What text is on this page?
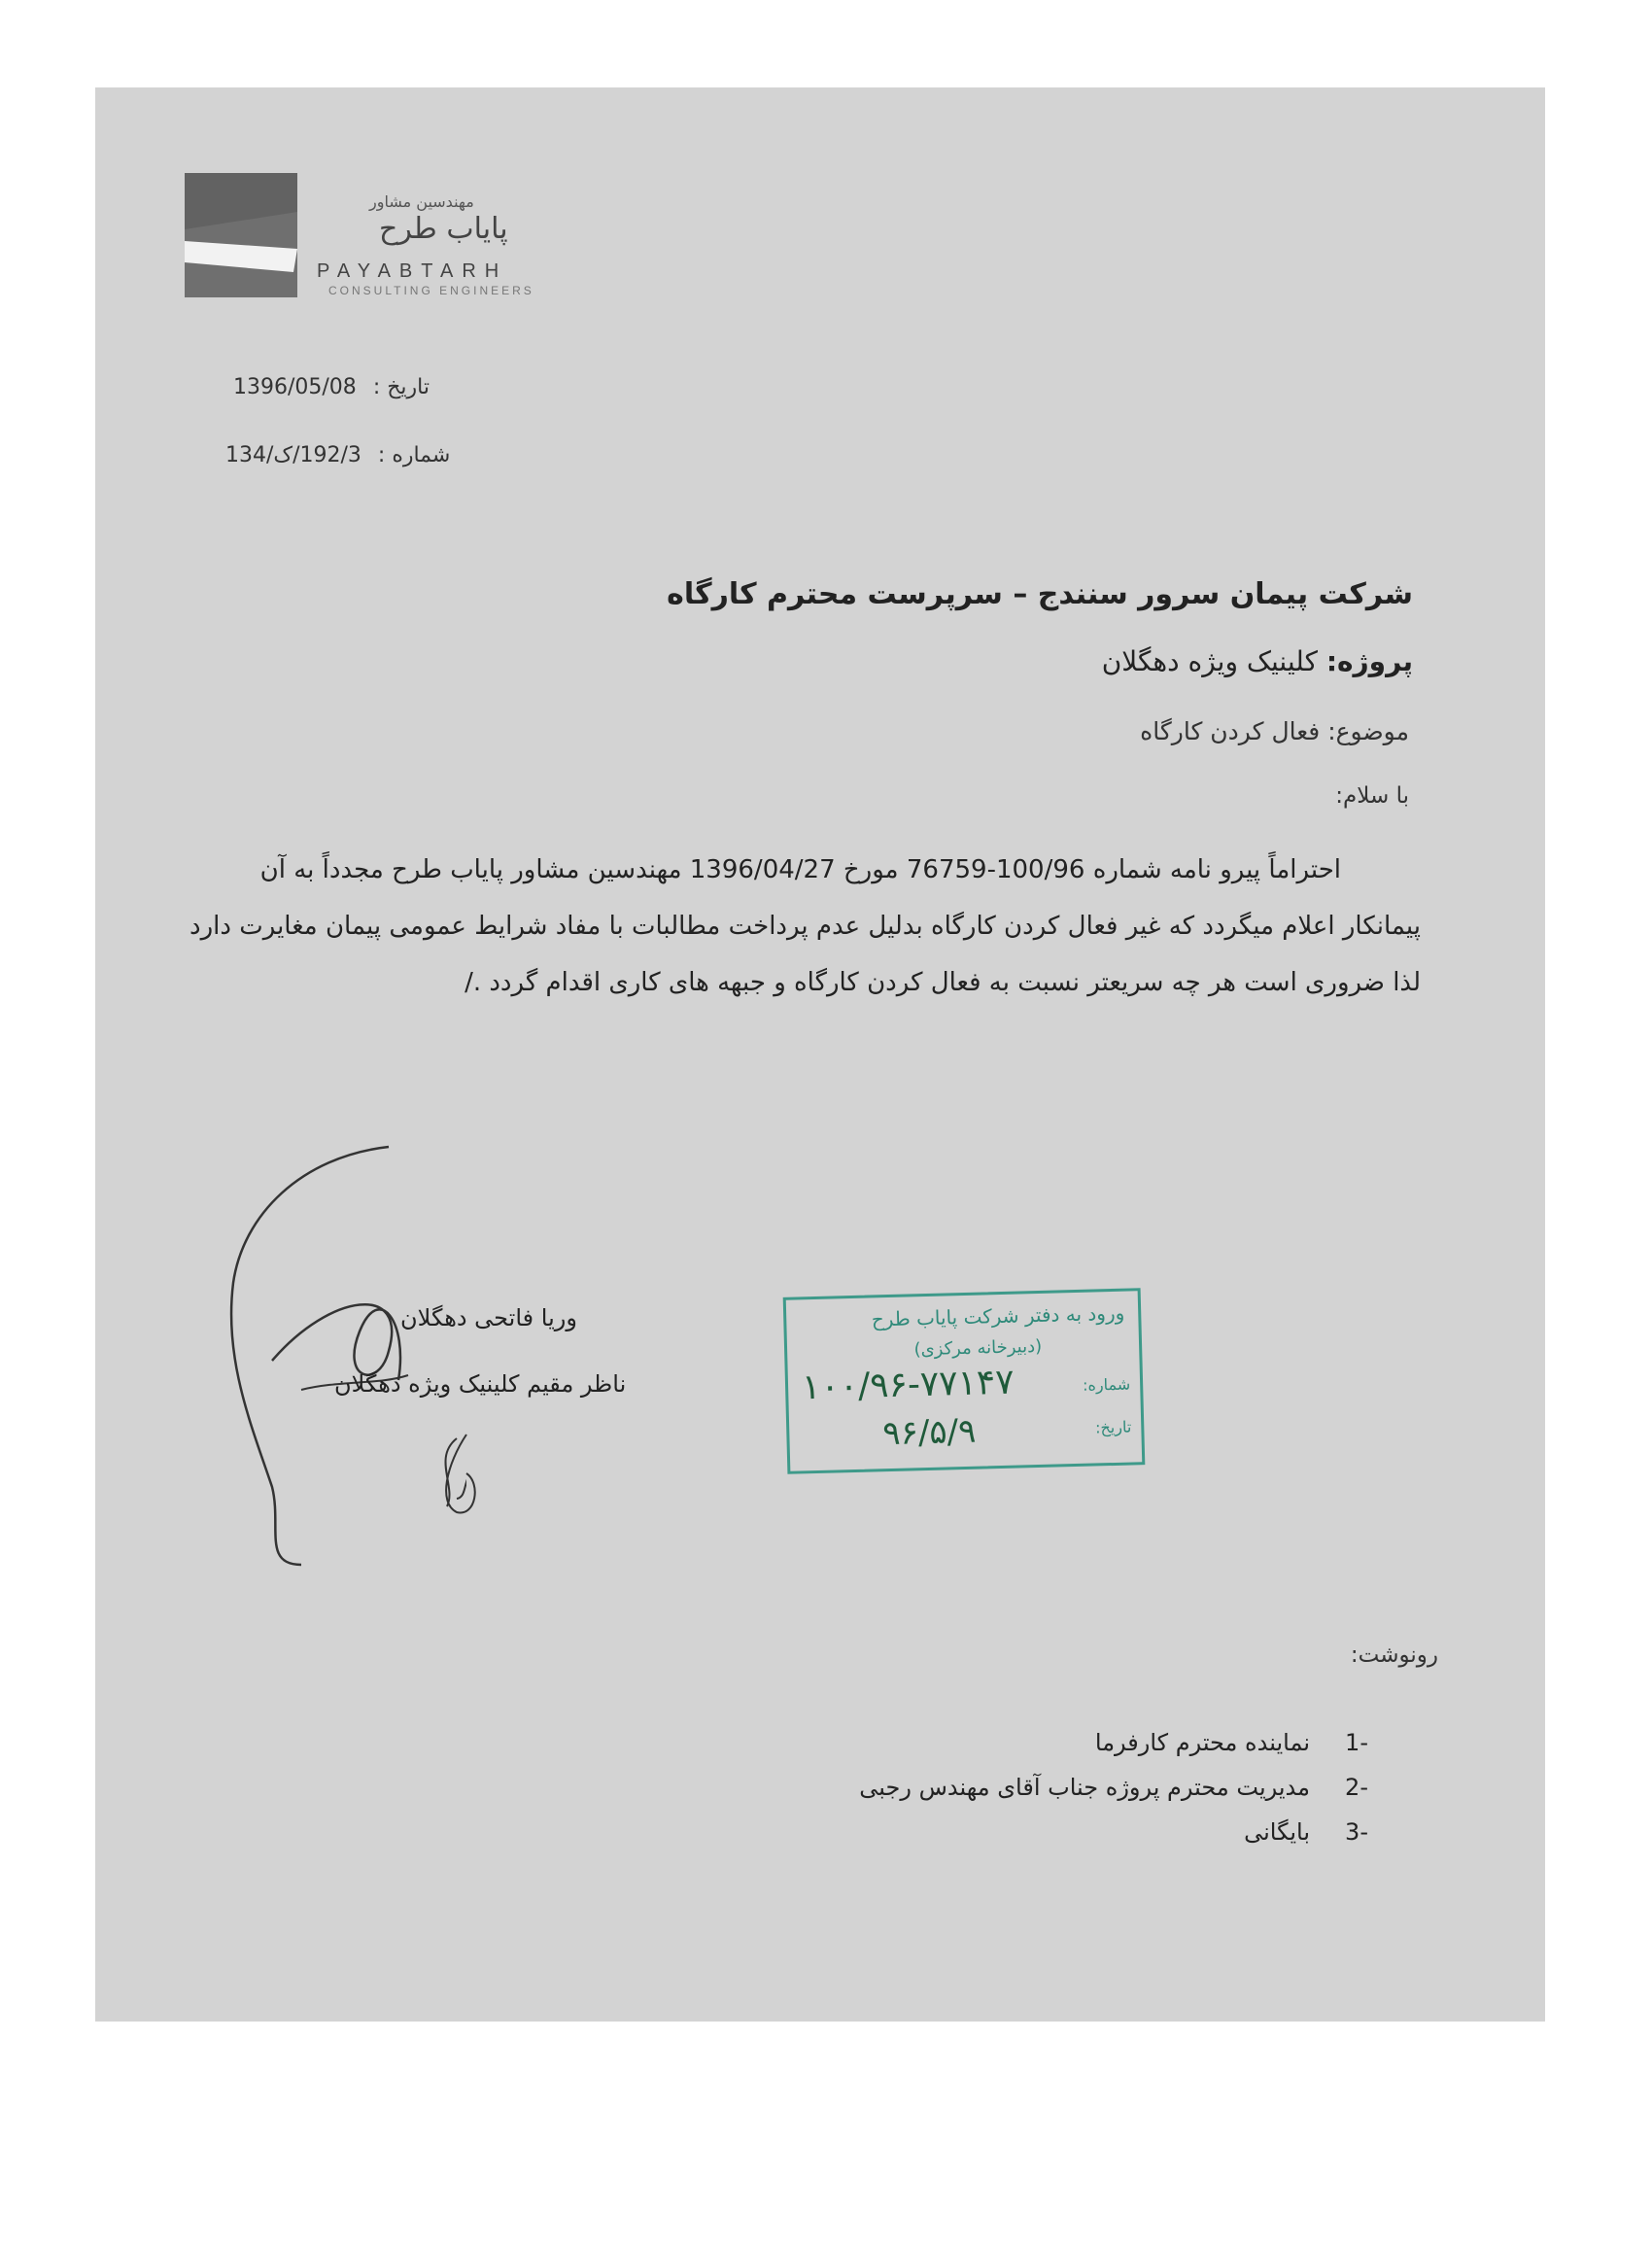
مهندسین مشاور
پایاب طرح
PAYABTARH
CONSULTING ENGINEERS
تاریخ : 1396/05/08
شماره : 192/3/ک/134
شرکت پیمان سرور سنندج – سرپرست محترم کارگاه
پروژه: کلینیک ویژه دهگلان
موضوع: فعال کردن کارگاه
با سلام:

احتراماً پیرو نامه شماره 100/96-76759 مورخ 1396/04/27 مهندسین مشاور پایاب طرح مجدداً به آن

پیمانکار اعلام میگردد که غیر فعال کردن کارگاه بدلیل عدم پرداخت مطالبات با مفاد شرایط عمومی پیمان مغایرت دارد

لذا ضروری است هر چه سریعتر نسبت به فعال کردن کارگاه و جبهه های کاری اقدام گردد ./

وریا فاتحی دهگلان
ناظر مقیم کلینیک ویژه دهگلان
ورود به دفتر شرکت پایاب طرح
(دبیرخانه مرکزی)
شماره:
تاریخ:
۱۰۰/۹۶-۷۷۱۴۷
۹۶/۵/۹
رونوشت:
-1نماینده محترم کارفرما
-2مدیریت محترم پروژه جناب آقای مهندس رجبی
-3بایگانی
